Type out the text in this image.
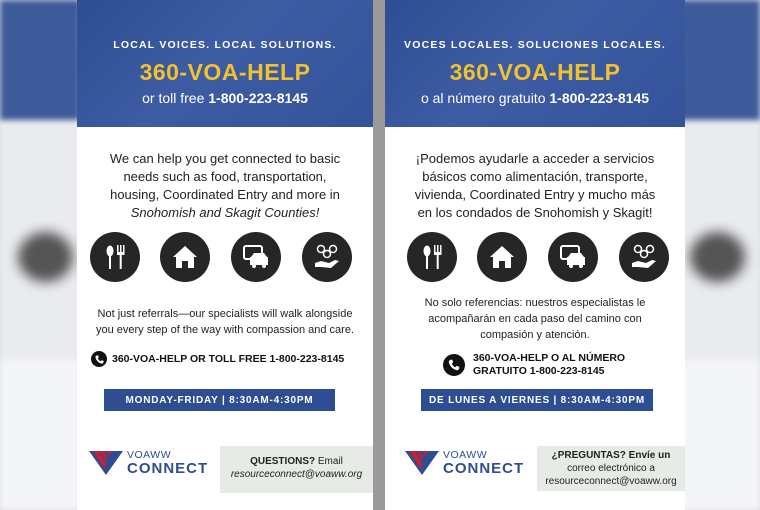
LOCAL VOICES. LOCAL SOLUTIONS.
360-VOA-HELP
or toll free 1-800-223-8145
We can help you get connected to basic
needs such as food, transportation,
housing, Coordinated Entry and more in
Snohomish and Skagit Counties!
Not just referrals—our specialists will walk alongside
you every step of the way with compassion and care.
360-VOA-HELP OR TOLL FREE 1-800-223-8145
MONDAY-FRIDAY | 8:30AM-4:30PM
VOAWW
CONNECT	QUESTIONS? Email
resourceconnect@voaww.org
VOCES LOCALES. SOLUCIONES LOCALES.
360-VOA-HELP
o al número gratuito 1-800-223-8145
¡Podemos ayudarle a acceder a servicios
básicos como alimentación, transporte,
vivienda, Coordinated Entry y mucho más
en los condados de Snohomish y Skagit!
No solo referencias: nuestros especialistas le
acompañarán en cada paso del camino con
compasión y atención.
360-VOA-HELP O AL NÚMERO
GRATUITO 1-800-223-8145
DE LUNES A VIERNES | 8:30AM-4:30PM
VOAWW
CONNECT
¿PREGUNTAS? Envíe un
correo electrónico a
resourceconnect@voaww.org
